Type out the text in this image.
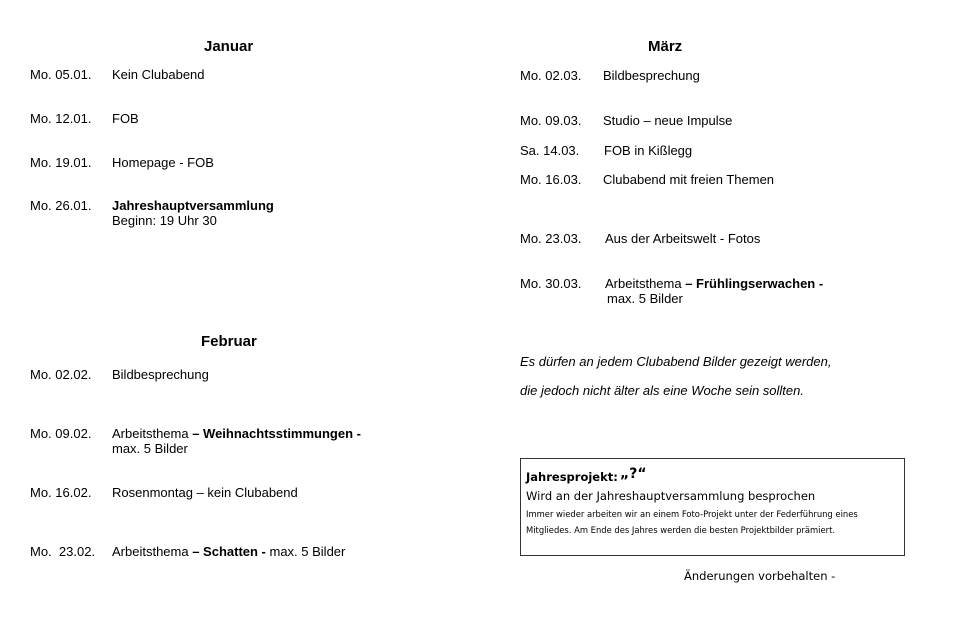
Januar
Mo. 05.01. Kein Clubabend
Mo. 12.01. FOB
Mo. 19.01. Homepage - FOB
Mo. 26.01. Jahreshauptversammlung
Beginn: 19 Uhr 30
Februar
Mo. 02.02. Bildbesprechung
Mo. 09.02. Arbeitsthema – Weihnachtsstimmungen -
max. 5 Bilder
Mo. 16.02. Rosenmontag – kein Clubabend
Mo.  23.02. Arbeitsthema – Schatten - max. 5 Bilder
März
Mo. 02.03. Bildbesprechung
Mo. 09.03. Studio – neue Impulse
Sa. 14.03. FOB in Kißlegg
Mo. 16.03. Clubabend mit freien Themen
Mo. 23.03. Aus der Arbeitswelt - Fotos
Mo. 30.03. Arbeitsthema – Frühlingserwachen -
max. 5 Bilder
Es dürfen an jedem Clubabend Bilder gezeigt werden,
die jedoch nicht älter als eine Woche sein sollten.
Jahresprojekt: „?“
Wird an der Jahreshauptversammlung besprochen
Immer wieder arbeiten wir an einem Foto-Projekt unter der Federführung eines
Mitgliedes. Am Ende des Jahres werden die besten Projektbilder prämiert.
Änderungen vorbehalten -
